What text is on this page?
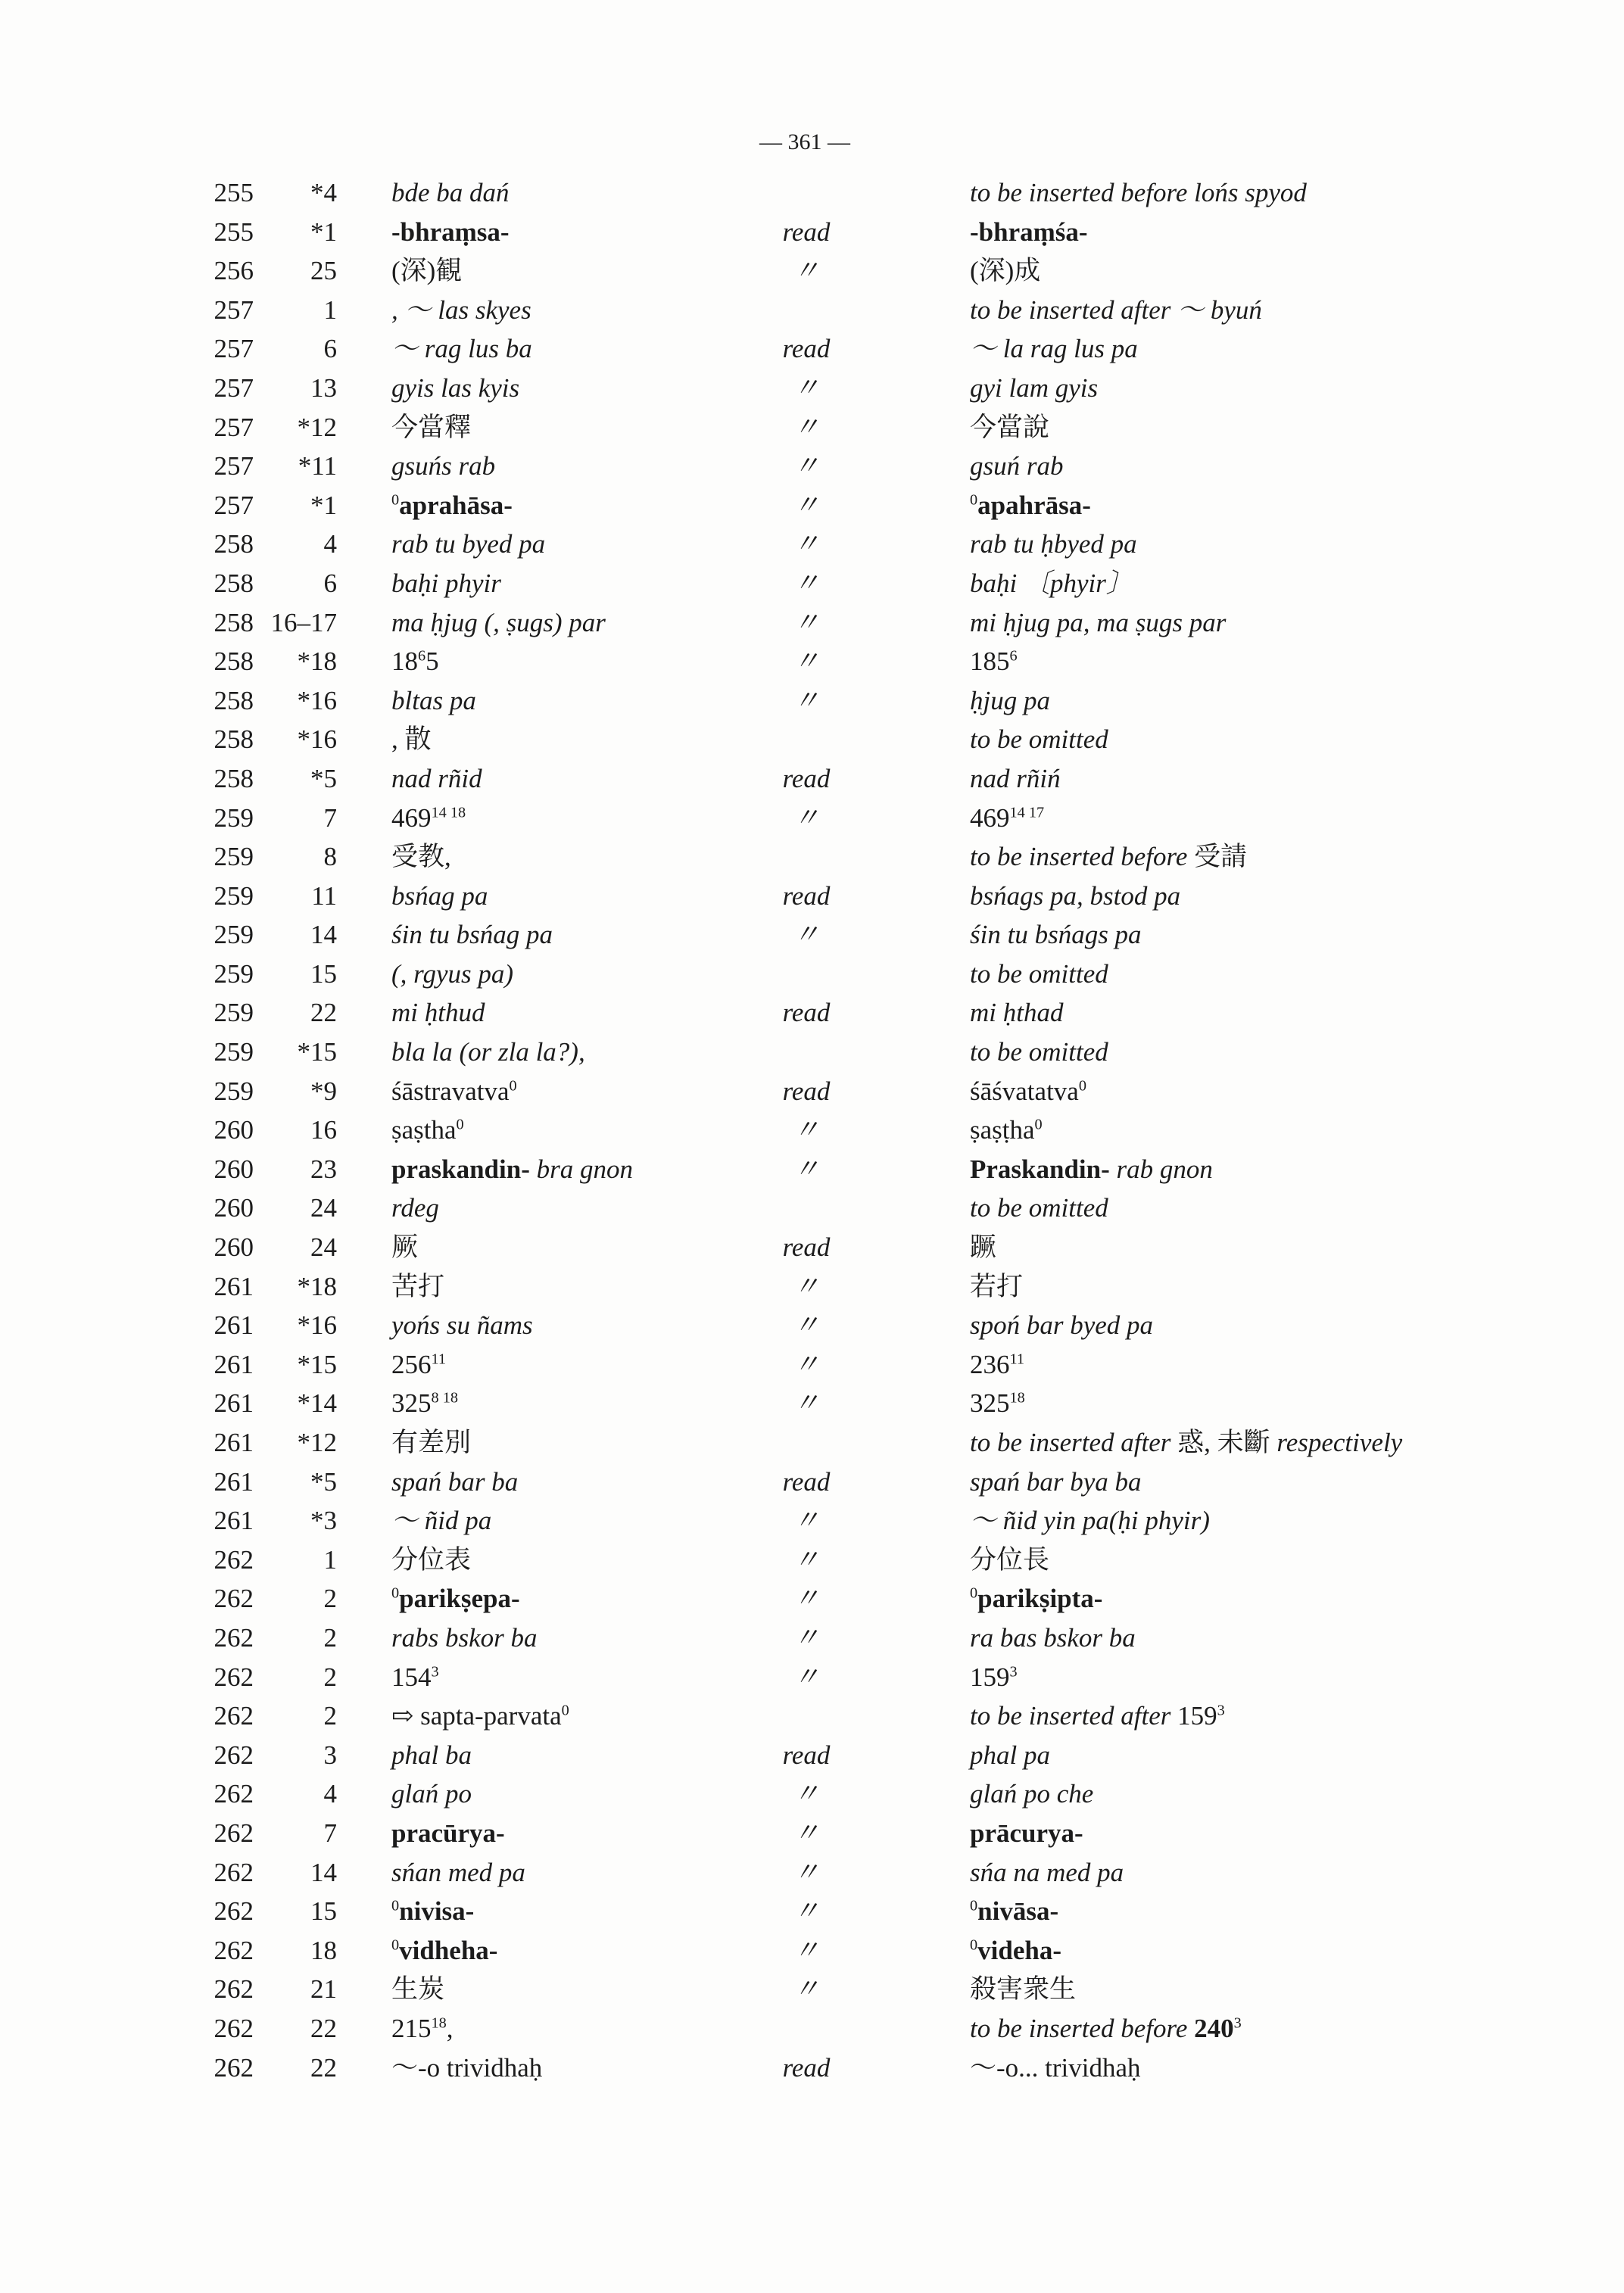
— 361 —
255	*4 bde ba dań	to be inserted before lońs spyod
255	*1 -bhraṃsa-	read	-bhraṃśa-
256	25 (深)観	〃	(深)成
257	1 , ～ las skyes	to be inserted after ～ byuń
257	6 ～ rag lus ba	read	～ la rag lus pa
257	13 gyis las kyis	〃	gyi lam gyis
257	*12 今當釋	〃	今當說
257	*11 gsuńs rab	〃	gsuń rab
257	*1	$^0$aprahāsa-	〃	$^0$apahrāsa-
258	4 rab tu byed pa	〃	rab tu ḥbyed pa
258	6 baḥi phyir	〃	baḥi 〔phyir〕
258 16–17 ma ḥjug (, ṣugs) par	〃	mi ḥjug pa, ma ṣugs par
258	*18 $18^65$	〃	$185^6$
258	*16 bltas pa	〃	ḥjug pa
258	*16 , 散	to be omitted
258	*5 nad rñid	read	nad rñiń
259	7 $469^{14 18}$	〃	$469^{14 17}$
259	8 受教,	to be inserted before 受請
259	11 bsńag pa	read	bsńags pa, bstod pa
259	14 śin tu bsńag pa	〃	śin tu bsńags pa
259	15 (, rgyus pa)	to be omitted
259	22 mi ḥthud	read	mi ḥthad
259	*15 bla la (or zla la?),	to be omitted
259	*9 śāstravatva$^0$	read	śāśvatatva$^0$
260	16 ṣaṣtha$^0$	〃	ṣaṣṭha$^0$
260	23 praskandin- bra gnon	〃	Praskandin- rab gnon
260	24 rdeg	to be omitted
260	24 厥	read	蹶
261	*18 苦打	〃	若打
261	*16 yońs su ñams	〃	spoń bar byed pa
261	*15 $256^{11}$	〃	$236^{11}$
261	*14 $325^{8 18}$	〃	$325^{18}$
261	*12 有差別	to be inserted after 惑, 未斷 respectively
261	*5 spań bar ba	read	spań bar bya ba
261	*3 ～ ñid pa	〃	～ ñid yin pa(ḥi phyir)
262	1 分位表	〃	分位長
262	2	$^0$parikṣepa-	〃	$^0$parikṣipta-
262	2 rabs bskor ba	〃	ra bas bskor ba
262	2 $154^3$	〃	$159^3$
262	2 ⇨ sapta-parvata$^0$	to be inserted after $159^3$
262	3 phal ba	read	phal pa
262	4 glań po	〃	glań po che
262	7 pracūrya-	〃	prācurya-
262	14 sńan med pa	〃	sńa na med pa
262	15	$^0$nivisa-	〃	$^0$nivāsa-
262	18	$^0$vidheha-	〃	$^0$videha-
262	21 生炭	〃	殺害衆生
262	22 $215^{18}$,	to be inserted before $240^3$
262	22 ～-o trividhaḥ	read	～-o... trividhaḥ
